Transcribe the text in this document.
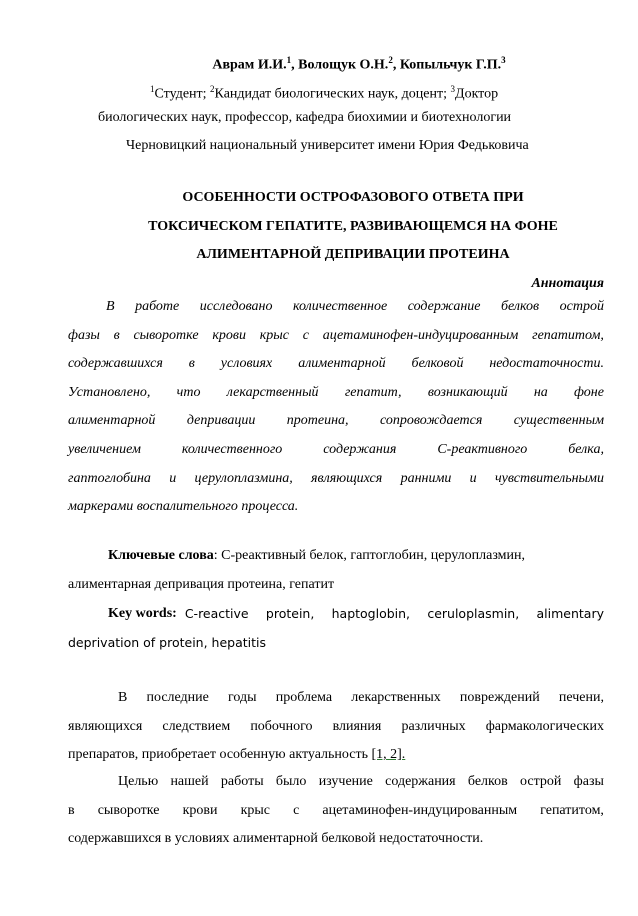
Аврам И.И.$^1$, Волощук О.Н.$^2$, Копыльчук Г.П.$^3$
$^1$Студент; $^2$Кандидат биологических наук, доцент; $^3$Доктор
биологических наук, профессор, кафедра биохимии и биотехнологии
Черновицкий национальный университет имени Юрия Федьковича
ОСОБЕННОСТИ ОСТРОФАЗОВОГО ОТВЕТА ПРИ
ТОКСИЧЕСКОМ ГЕПАТИТЕ, РАЗВИВАЮЩЕМСЯ НА ФОНЕ
АЛИМЕНТАРНОЙ ДЕПРИВАЦИИ ПРОТЕИНА
Аннотация
В работе исследовано количественное содержание белков острой
фазы в сыворотке крови крыс с ацетаминофен-индуцированным гепатитом,
содержавшихся в условиях алиментарной белковой недостаточности.
Установлено, что лекарственный гепатит, возникающий на фоне
алиментарной депривации протеина, сопровождается существенным
увеличением	количественного	содержания	С-реактивного	белка,
гаптоглобина и церулоплазмина, являющихся ранними и чувствительными
маркерами воспалительного процесса.
Ключевые слова: С-реактивный белок, гаптоглобин, церулоплазмин,
алиментарная депривация протеина, гепатит
Key words: C-reactive protein, haptoglobin, ceruloplasmin, alimentary
deprivation of protein, hepatitis
В последние годы проблема лекарственных повреждений печени,
являющихся следствием побочного влияния различных фармакологических
препаратов, приобретает особенную актуальность [1, 2].
Целью нашей работы было изучение содержания белков острой фазы
в сыворотке крови крыс с ацетаминофен-индуцированным гепатитом,
содержавшихся в условиях алиментарной белковой недостаточности.
